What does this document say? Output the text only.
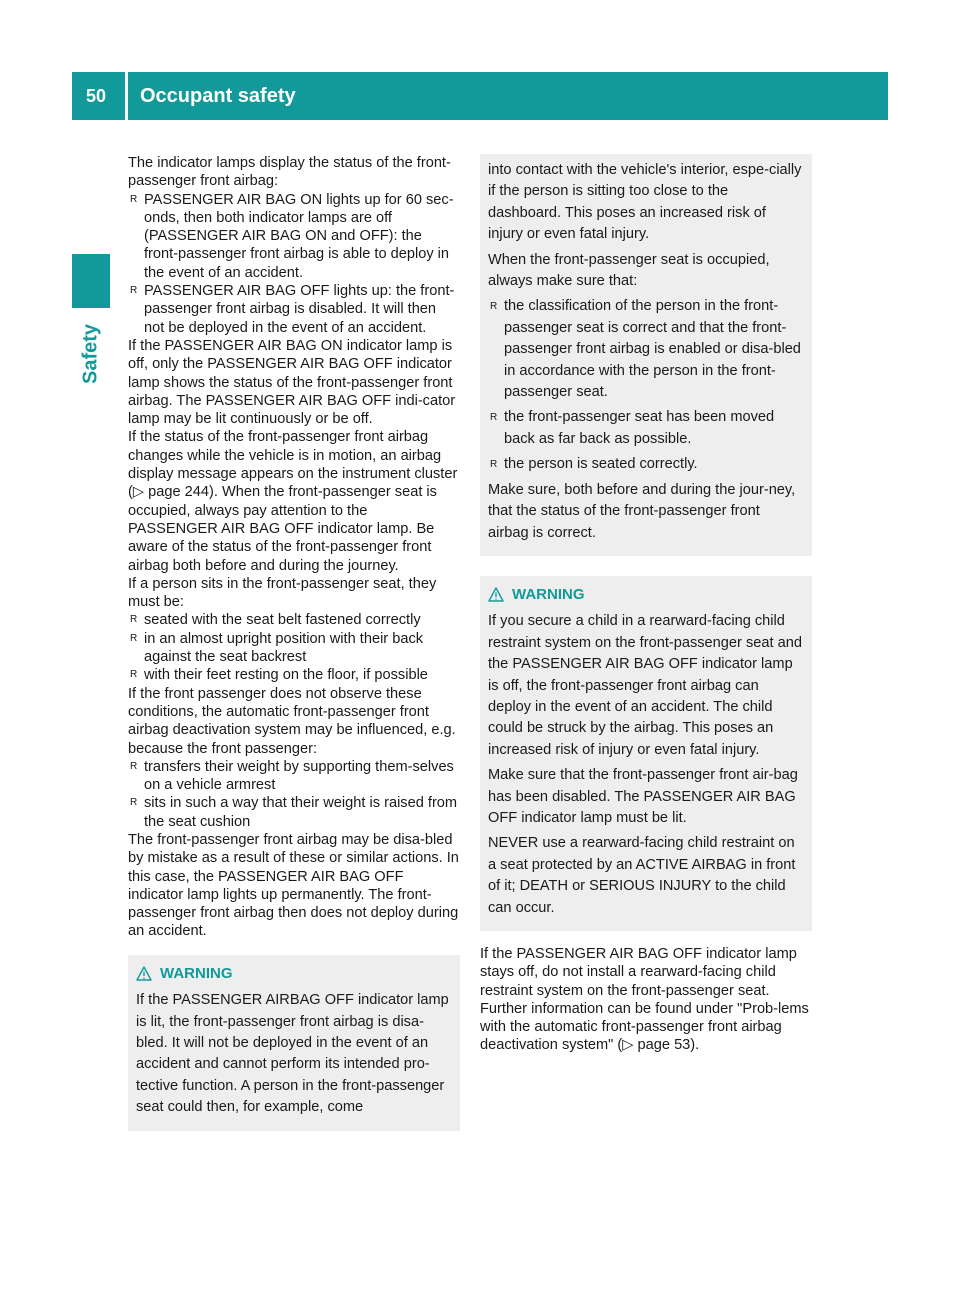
50	Occupant safety
Safety

The indicator lamps display the status of the front-passenger front airbag:

R PASSENGER AIR BAG ON lights up for 60 sec-onds, then both indicator lamps are off (PASSENGER AIR BAG ON and OFF): the front-passenger front airbag is able to deploy in the event of an accident.
R PASSENGER AIR BAG OFF lights up: the front-passenger front airbag is disabled. It will then not be deployed in the event of an accident.

If the PASSENGER AIR BAG ON indicator lamp is off, only the PASSENGER AIR BAG OFF indicator lamp shows the status of the front-passenger front airbag. The PASSENGER AIR BAG OFF indi-cator lamp may be lit continuously or be off.

If the status of the front-passenger front airbag changes while the vehicle is in motion, an airbag display message appears on the instrument cluster (▷ page 244). When the front-passenger seat is occupied, always pay attention to the PASSENGER AIR BAG OFF indicator lamp. Be aware of the status of the front-passenger front airbag both before and during the journey.

If a person sits in the front-passenger seat, they must be:

R seated with the seat belt fastened correctly
R in an almost upright position with their back against the seat backrest
R with their feet resting on the floor, if possible

If the front passenger does not observe these conditions, the automatic front-passenger front airbag deactivation system may be influenced, e.g. because the front passenger:

R transfers their weight by supporting them-selves on a vehicle armrest
R sits in such a way that their weight is raised from the seat cushion

The front-passenger front airbag may be disa-bled by mistake as a result of these or similar actions. In this case, the PASSENGER AIR BAG OFF indicator lamp lights up permanently. The front-passenger front airbag then does not deploy during an accident.

WARNING

If the PASSENGER AIRBAG OFF indicator lamp is lit, the front-passenger front airbag is disa-bled. It will not be deployed in the event of an accident and cannot perform its intended pro-tective function. A person in the front-passenger seat could then, for example, come

into contact with the vehicle's interior, espe-cially if the person is sitting too close to the dashboard. This poses an increased risk of injury or even fatal injury.

When the front-passenger seat is occupied, always make sure that:

R the classification of the person in the front-passenger seat is correct and that the front-passenger front airbag is enabled or disa-bled in accordance with the person in the front-passenger seat.
R the front-passenger seat has been moved back as far back as possible.
R the person is seated correctly.

Make sure, both before and during the jour-ney, that the status of the front-passenger front airbag is correct.

WARNING

If you secure a child in a rearward-facing child restraint system on the front-passenger seat and the PASSENGER AIR BAG OFF indicator lamp is off, the front-passenger front airbag can deploy in the event of an accident. The child could be struck by the airbag. This poses an increased risk of injury or even fatal injury.

Make sure that the front-passenger front air-bag has been disabled. The PASSENGER AIR BAG OFF indicator lamp must be lit.

NEVER use a rearward-facing child restraint on a seat protected by an ACTIVE AIRBAG in front of it; DEATH or SERIOUS INJURY to the child can occur.

If the PASSENGER AIR BAG OFF indicator lamp stays off, do not install a rearward-facing child restraint system on the front-passenger seat. Further information can be found under "Prob-lems with the automatic front-passenger front airbag deactivation system" (▷ page 53).
